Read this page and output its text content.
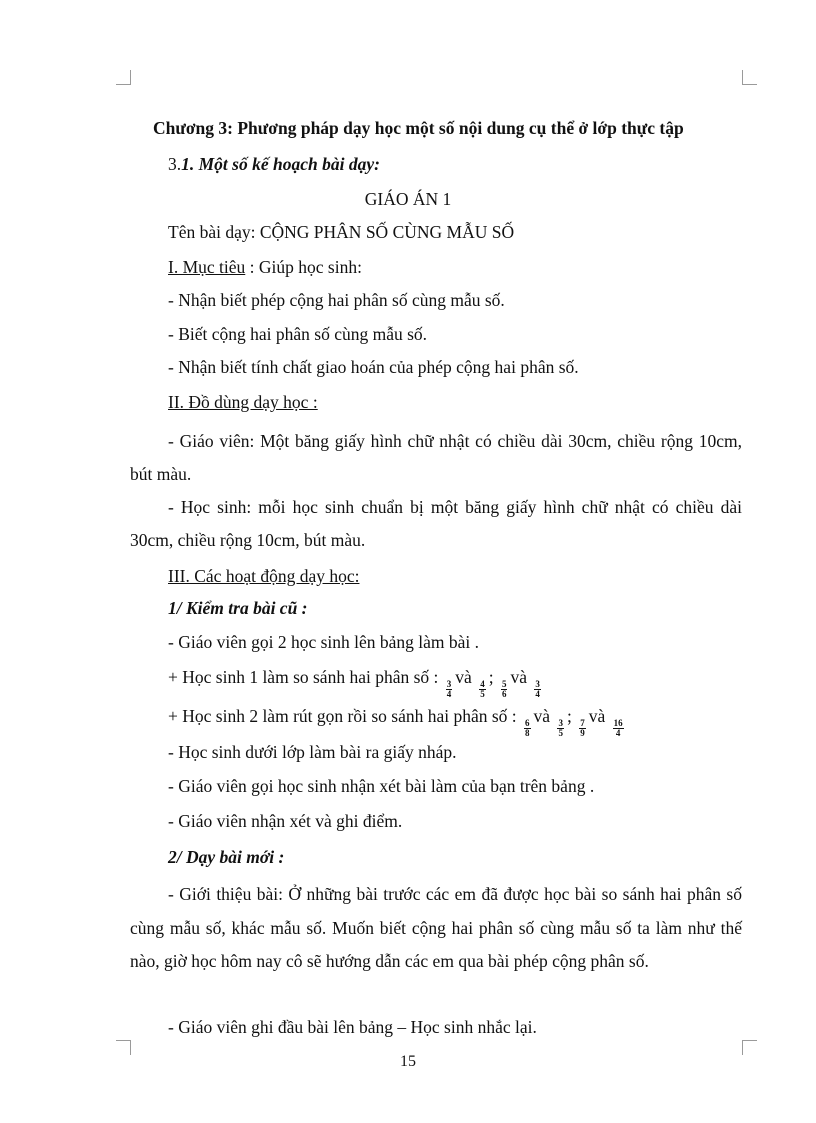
Chương 3: Phương pháp dạy học một số nội dung cụ thể ở lớp thực tập
3.1. Một số kế hoạch bài dạy:
GIÁO ÁN 1
Tên bài dạy: CỘNG PHÂN SỐ CÙNG MẪU SỐ
I. Mục tiêu : Giúp học sinh:
- Nhận biết phép cộng hai phân số cùng mẫu số.
- Biết cộng hai phân số cùng mẫu số.
- Nhận biết tính chất giao hoán của phép cộng hai phân số.
II. Đồ dùng dạy học :
- Giáo viên: Một băng giấy hình chữ nhật có chiều dài 30cm, chiều rộng 10cm, bút màu.
- Học sinh: mỗi học sinh chuẩn bị một băng giấy hình chữ nhật có chiều dài 30cm, chiều rộng 10cm, bút màu.
III. Các hoạt động dạy học:
1/ Kiểm tra bài cũ :
- Giáo viên gọi 2 học sinh lên bảng làm bài .
+ Học sinh 1 làm so sánh hai phân số :
$\frac{3}{4}$
và
$\frac{4}{5}$
;
$\frac{5}{6}$
và
$\frac{3}{4}$
+ Học sinh 2 làm rút gọn rồi so sánh hai phân số :
$\frac{6}{8}$
và
$\frac{3}{5}$
;
$\frac{7}{9}$
và
$\frac{16}{4}$
- Học sinh dưới lớp làm bài ra giấy nháp.
- Giáo viên gọi học sinh nhận xét bài làm của bạn trên bảng .
- Giáo viên nhận xét và ghi điểm.
2/ Dạy bài mới :
- Giới thiệu bài: Ở những bài trước các em đã được học bài so sánh hai phân số cùng mẫu số, khác mẫu số. Muốn biết cộng hai phân số cùng mẫu số ta làm như thế nào, giờ học hôm nay cô sẽ hướng dẫn các em qua bài phép cộng phân số.
- Giáo viên ghi đầu bài lên bảng – Học sinh nhắc lại.
15
